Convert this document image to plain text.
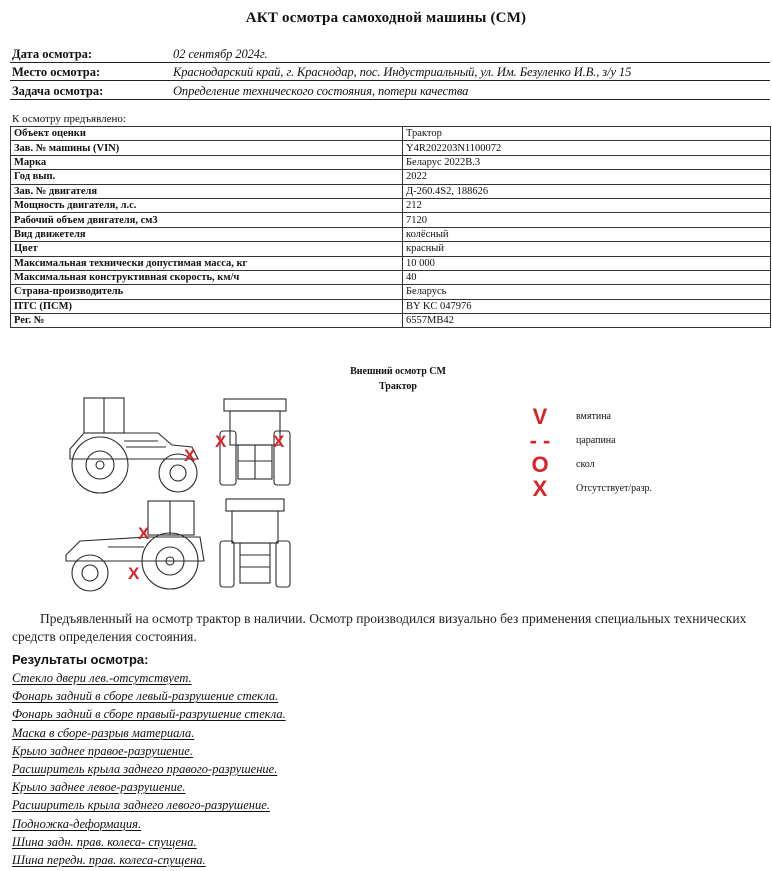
АКТ осмотра самоходной машины (СМ)
Дата осмотра:	02 сентябр 2024г.
Место осмотра:	Краснодарский край, г. Краснодар, пос. Индустриальный, ул. Им. Безуленко И.В., з/у 15
Задача осмотра:	Определение технического состояния, потери качества
К осмотру предъявлено:
Объект оценки	Трактор
Зав. № машины (VIN)	Y4R202203N1100072
Марка	Беларус 2022В.3
Год вып.	2022
Зав. № двигателя	Д-260.4S2, 188626
Мощность двигателя, л.с.	212
Рабочий объем двигателя, см3	7120
Вид движетеля	колёсный
Цвет	красный
Максимальная технически допустимая масса, кг	10 000
Максимальная конструктивная скорость, км/ч	40
Страна-производитель	Беларусь
ПТС (ПСМ)	BY KC 047976
Рег. №	6557МВ42
Внешний осмотр СМ
Трактор
X
X	X
X
X
V	вмятина
- -	царапина
O	скол
X	Отсутствует/разр.
Предъявленный на осмотр трактор в наличии. Осмотр производился визуально без применения специальных технических средств определения состояния.
Результаты осмотра:
Стекло двери лев.-отсутствует.
Фонарь задний в сборе левый-разрушение стекла.
Фонарь задний в сборе правый-разрушение стекла.
Маска в сборе-разрыв материала.
Крыло заднее правое-разрушение.
Расширитель крыла заднего правого-разрушение.
Крыло заднее левое-разрушение.
Расширитель крыла заднего левого-разрушение.
Подножка-деформация.
Шина задн. прав. колеса- спущена.
Шина передн. прав. колеса-спущена.
